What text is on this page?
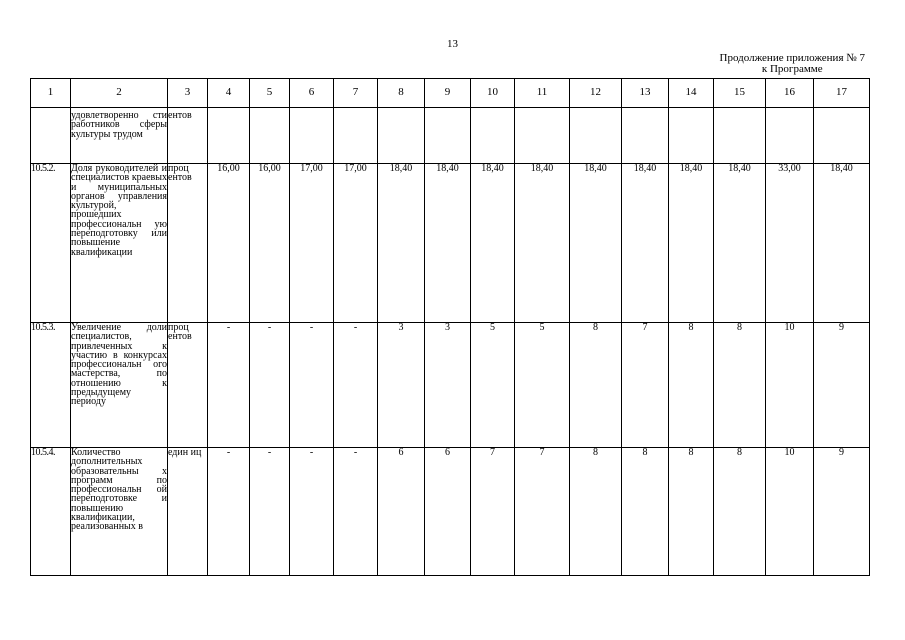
13
Продолжение приложения № 7
к Программе
1	2	3	4	5	6	7	8	9	10	11	12	13	14	15	16	17
	удовлетворенно сти работников сферы культуры трудом	ентов														
10.5.2.	Доля руководителей и специалистов краевых и муниципальных органов управления культурой, прошедших профессиональн ую переподготовку или повышение квалификации	проц ентов	16,00	16,00	17,00	17,00	18,40	18,40	18,40	18,40	18,40	18,40	18,40	18,40	33,00	18,40
10.5.3.	Увеличение доли специалистов, привлеченных к участию в конкурсах профессиональн ого мастерства, по отношению к предыдущему периоду	проц ентов	-	-	-	-	3	3	5	5	8	7	8	8	10	9
10.5.4.	Количество дополнительных образовательны х программ по профессиональн ой переподготовке и повышению квалификации, реализованных в	един иц	-	-	-	-	6	6	7	7	8	8	8	8	10	9
